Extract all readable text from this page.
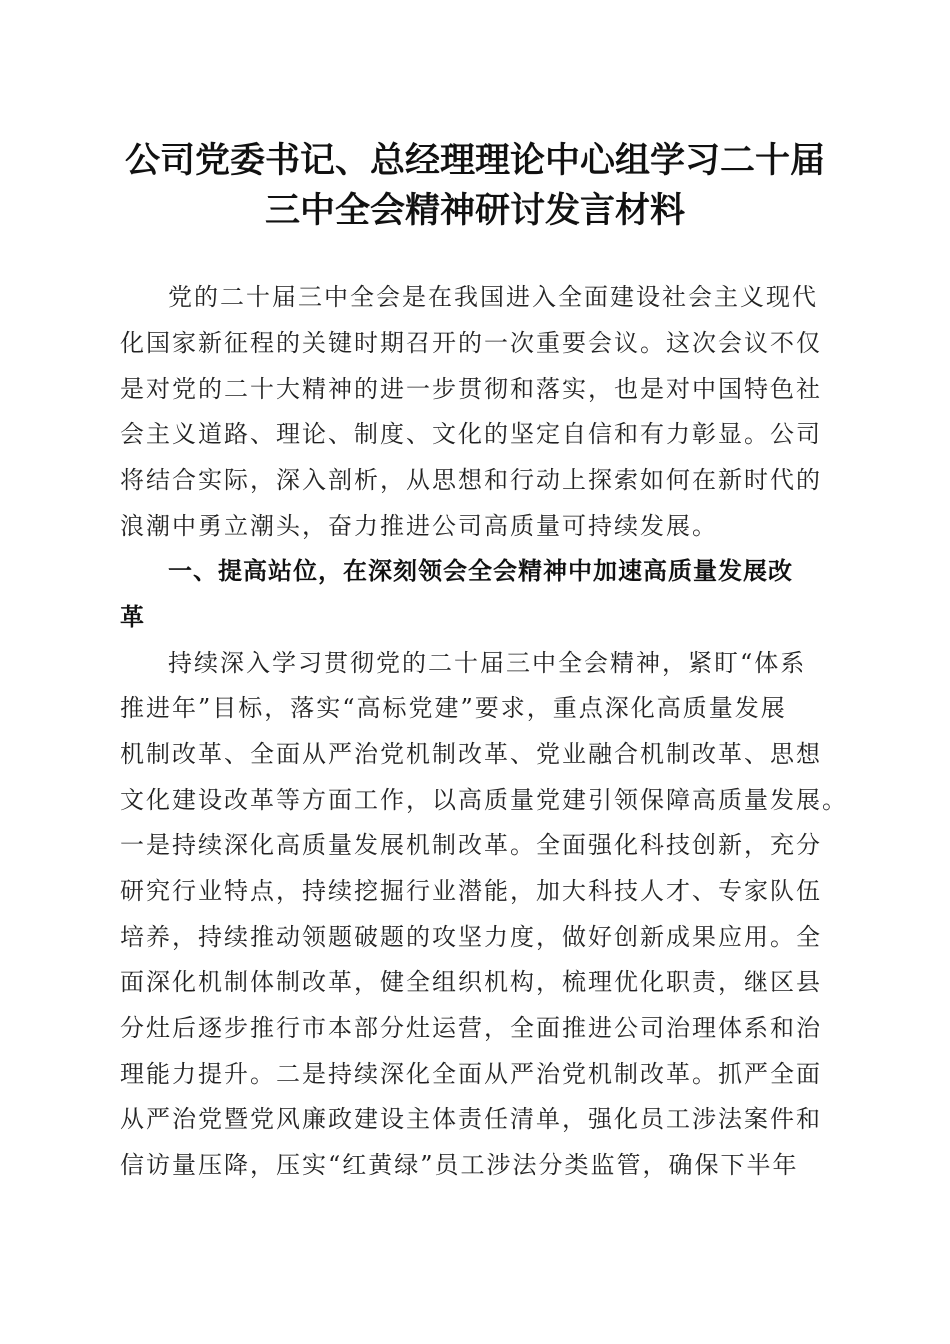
公司党委书记、总经理理论中心组学习二十届
三中全会精神研讨发言材料
党的二十届三中全会是在我国进入全面建设社会主义现代
化国家新征程的关键时期召开的一次重要会议。这次会议不仅
是对党的二十大精神的进一步贯彻和落实，也是对中国特色社
会主义道路、理论、制度、文化的坚定自信和有力彰显。公司
将结合实际，深入剖析，从思想和行动上探索如何在新时代的
浪潮中勇立潮头，奋力推进公司高质量可持续发展。
一、提高站位，在深刻领会全会精神中加速高质量发展改
革
持续深入学习贯彻党的二十届三中全会精神，紧盯“体系
推进年”目标，落实“高标党建”要求，重点深化高质量发展
机制改革、全面从严治党机制改革、党业融合机制改革、思想
文化建设改革等方面工作，以高质量党建引领保障高质量发展。
一是持续深化高质量发展机制改革。全面强化科技创新，充分
研究行业特点，持续挖掘行业潜能，加大科技人才、专家队伍
培养，持续推动领题破题的攻坚力度，做好创新成果应用。全
面深化机制体制改革，健全组织机构，梳理优化职责，继区县
分灶后逐步推行市本部分灶运营，全面推进公司治理体系和治
理能力提升。二是持续深化全面从严治党机制改革。抓严全面
从严治党暨党风廉政建设主体责任清单，强化员工涉法案件和
信访量压降，压实“红黄绿”员工涉法分类监管，确保下半年
